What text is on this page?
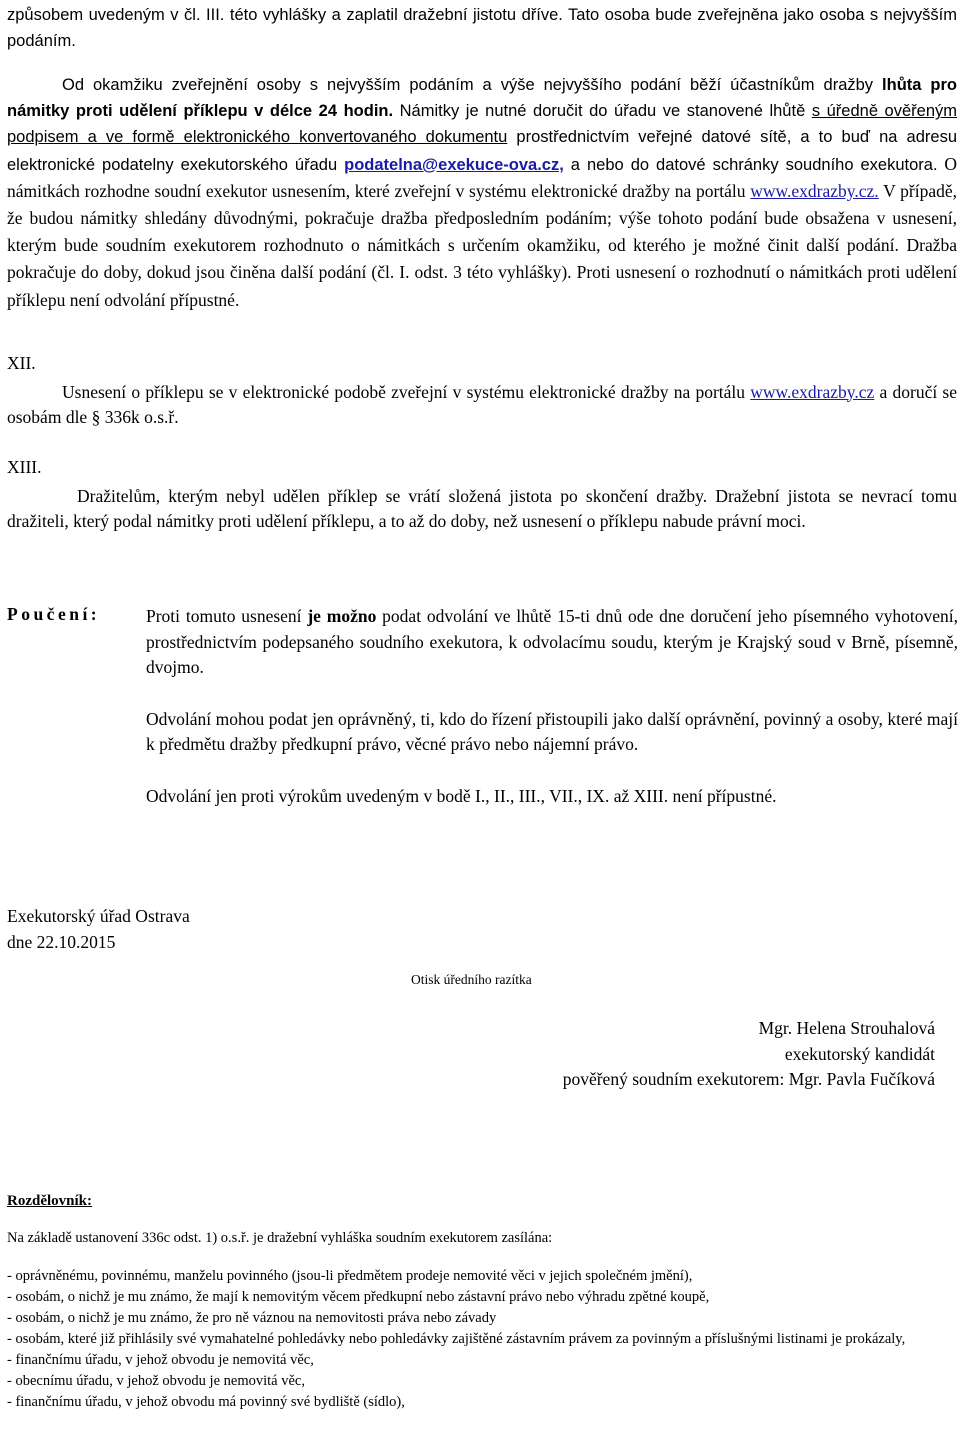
způsobem uvedeným v čl. III. této vyhlášky a zaplatil dražební jistotu dříve. Tato osoba bude zveřejněna jako osoba s nejvyšším podáním.

Od okamžiku zveřejnění osoby s nejvyšším podáním a výše nejvyššího podání běží účastníkům dražby lhůta pro námitky proti udělení příklepu v délce 24 hodin. Námitky je nutné doručit do úřadu ve stanovené lhůtě s úředně ověřeným podpisem a ve formě elektronického konvertovaného dokumentu prostřednictvím veřejné datové sítě, a to buď na adresu elektronické podatelny exekutorského úřadu podatelna@exekuce-ova.cz, a nebo do datové schránky soudního exekutora. O námitkách rozhodne soudní exekutor usnesením, které zveřejní v systému elektronické dražby na portálu www.exdrazby.cz. V případě, že budou námitky shledány důvodnými, pokračuje dražba předposledním podáním; výše tohoto podání bude obsažena v usnesení, kterým bude soudním exekutorem rozhodnuto o námitkách s určením okamžiku, od kterého je možné činit další podání. Dražba pokračuje do doby, dokud jsou činěna další podání (čl. I. odst. 3 této vyhlášky). Proti usnesení o rozhodnutí o námitkách proti udělení příklepu není odvolání přípustné.

XII.

Usnesení o příklepu se v elektronické podobě zveřejní v systému elektronické dražby na portálu www.exdrazby.cz a doručí se osobám dle § 336k o.s.ř.

XIII.

Dražitelům, kterým nebyl udělen příklep se vrátí složená jistota po skončení dražby. Dražební jistota se nevrací tomu dražiteli, který podal námitky proti udělení příklepu, a to až do doby, než usnesení o příklepu nabude právní moci.

Poučení:	Proti tomuto usnesení je možno podat odvolání ve lhůtě 15-ti dnů ode dne doručení jeho písemného vyhotovení, prostřednictvím podepsaného soudního exekutora, k odvolacímu soudu, kterým je Krajský soud v Brně, písemně, dvojmo.

Odvolání mohou podat jen oprávněný, ti, kdo do řízení přistoupili jako další oprávnění, povinný a osoby, které mají k předmětu dražby předkupní právo, věcné právo nebo nájemní právo.

Odvolání jen proti výrokům uvedeným v bodě I., II., III., VII., IX. až XIII. není přípustné.

Exekutorský úřad Ostrava
dne 22.10.2015
Otisk úředního razítka
Mgr. Helena Strouhalová
exekutorský kandidát
pověřený soudním exekutorem: Mgr. Pavla Fučíková
Rozdělovník:
Na základě ustanovení 336c odst. 1) o.s.ř. je dražební vyhláška soudním exekutorem zasílána:
- oprávněnému, povinnému, manželu povinného (jsou-li předmětem prodeje nemovité věci v jejich společném jmění),
- osobám, o nichž je mu známo, že mají k nemovitým věcem předkupní nebo zástavní právo nebo výhradu zpětné koupě,
- osobám, o nichž je mu známo, že pro ně váznou na nemovitosti práva nebo závady
- osobám, které již přihlásily své vymahatelné pohledávky nebo pohledávky zajištěné zástavním právem za povinným a příslušnými listinami je prokázaly,
- finančnímu úřadu, v jehož obvodu je nemovitá věc,
- obecnímu úřadu, v jehož obvodu je nemovitá věc,
- finančnímu úřadu, v jehož obvodu má povinný své bydliště (sídlo),
